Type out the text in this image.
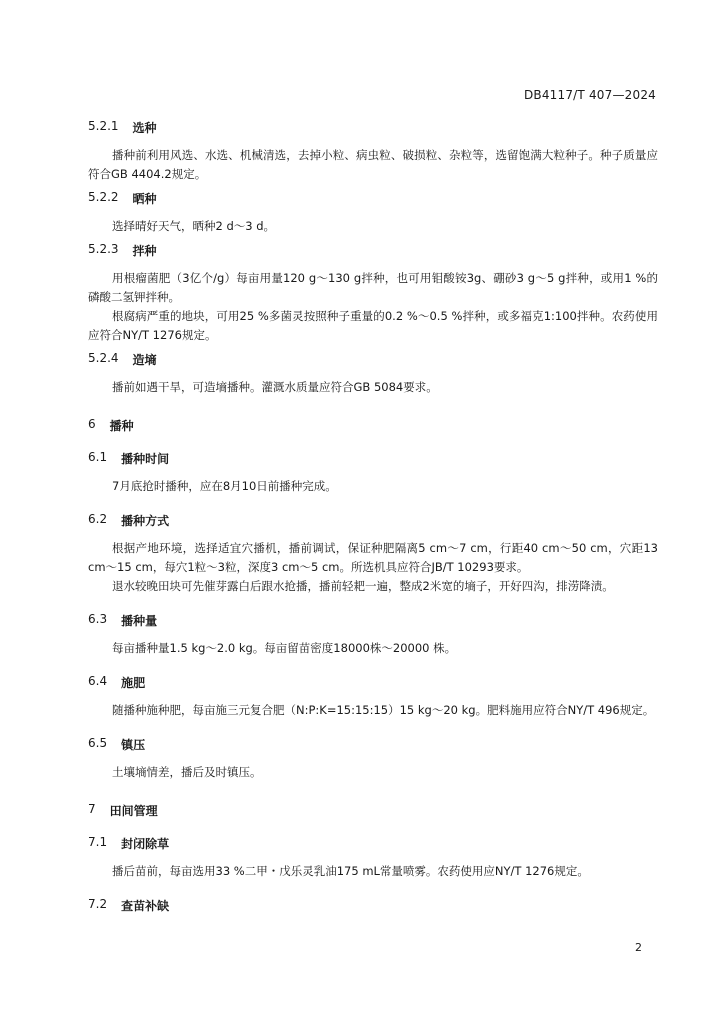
DB4117/T 407—2024
5.2.1 选种
播种前利用风选、水选、机械清选，去掉小粒、病虫粒、破损粒、杂粒等，选留饱满大粒种子。种子质量应符合GB 4404.2规定。
5.2.2 晒种
选择晴好天气，晒种2 d～3 d。
5.2.3 拌种
用根瘤菌肥（3亿个/g）每亩用量120 g～130 g拌种，也可用钼酸铵3g、硼砂3 g～5 g拌种，或用1 %的磷酸二氢钾拌种。
根腐病严重的地块，可用25 %多菌灵按照种子重量的0.2 %～0.5 %拌种，或多福克1:100拌种。农药使用应符合NY/T 1276规定。
5.2.4 造墒
播前如遇干旱，可造墒播种。灌溉水质量应符合GB 5084要求。
6 播种
6.1 播种时间
7月底抢时播种，应在8月10日前播种完成。
6.2 播种方式
根据产地环境，选择适宜穴播机，播前调试，保证种肥隔离5 cm～7 cm，行距40 cm～50 cm，穴距13 cm～15 cm，每穴1粒～3粒，深度3 cm～5 cm。所选机具应符合JB/T 10293要求。
退水较晚田块可先催芽露白后跟水抢播，播前轻耙一遍，整成2米宽的墒子，开好四沟，排涝降渍。
6.3 播种量
每亩播种量1.5 kg～2.0 kg。每亩留苗密度18000株～20000 株。
6.4 施肥
随播种施种肥，每亩施三元复合肥（N:P:K=15:15:15）15 kg～20 kg。肥料施用应符合NY/T 496规定。
6.5 镇压
土壤墒情差，播后及时镇压。
7 田间管理
7.1 封闭除草
播后苗前，每亩选用33 %二甲・戊乐灵乳油175 mL常量喷雾。农药使用应NY/T 1276规定。
7.2 查苗补缺
2
